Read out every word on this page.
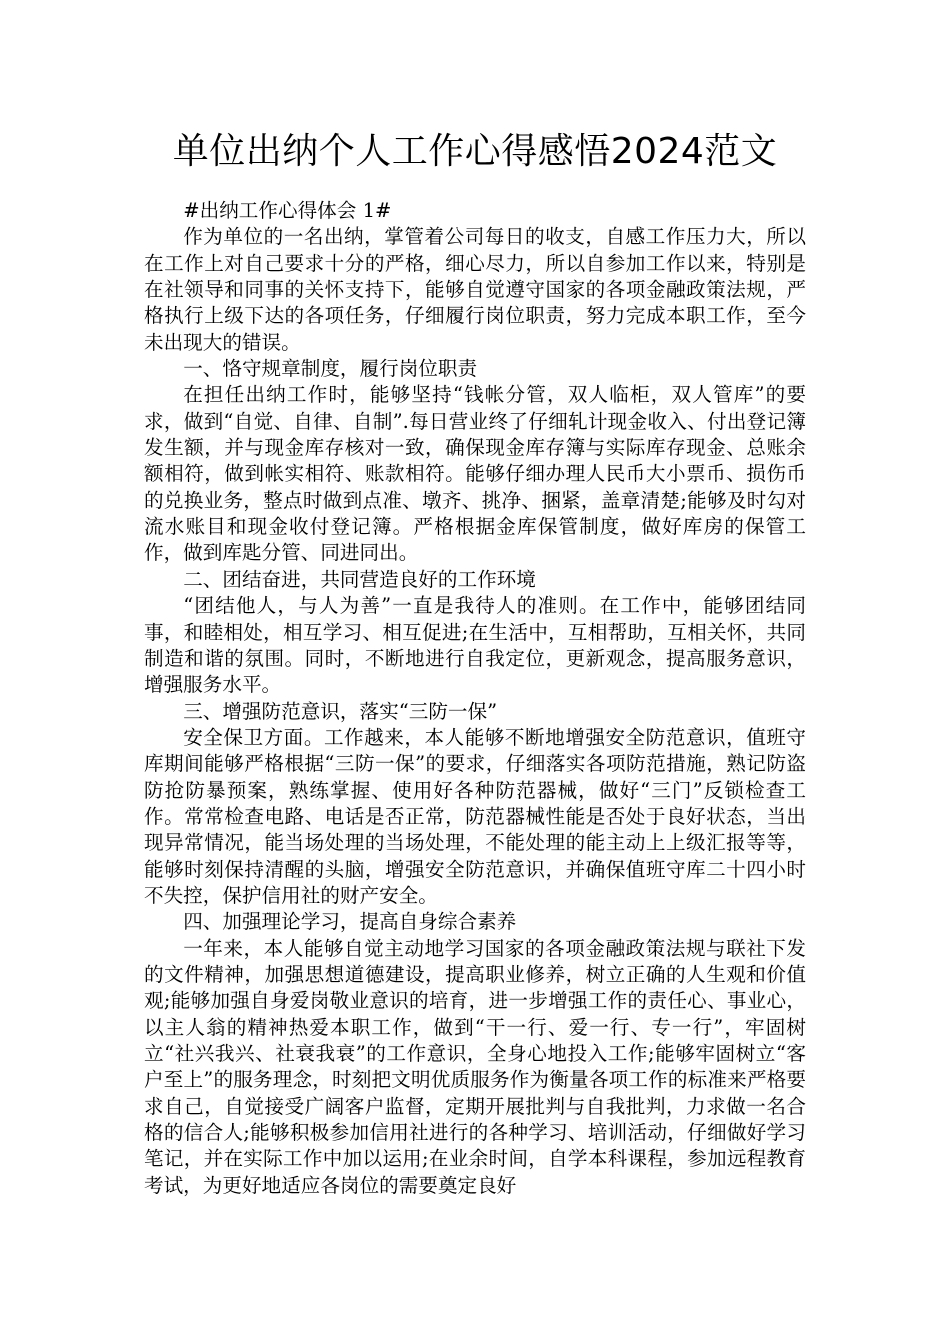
单位出纳个人工作心得感悟2024范文

#出纳工作心得体会 1#

作为单位的一名出纳，掌管着公司每日的收支，自感工作压力大，所以在工作上对自己要求十分的严格，细心尽力，所以自参加工作以来，特别是在社领导和同事的关怀支持下，能够自觉遵守国家的各项金融政策法规，严格执行上级下达的各项任务，仔细履行岗位职责，努力完成本职工作，至今未出现大的错误。

一、恪守规章制度，履行岗位职责

在担任出纳工作时，能够坚持“钱帐分管，双人临柜，双人管库”的要求，做到“自觉、自律、自制”.每日营业终了仔细轧计现金收入、付出登记簿发生额，并与现金库存核对一致，确保现金库存簿与实际库存现金、总账余额相符，做到帐实相符、账款相符。能够仔细办理人民币大小票币、损伤币的兑换业务，整点时做到点准、墩齐、挑净、捆紧，盖章清楚;能够及时勾对流水账目和现金收付登记簿。严格根据金库保管制度，做好库房的保管工作，做到库匙分管、同进同出。

二、团结奋进，共同营造良好的工作环境

“团结他人，与人为善”一直是我待人的准则。在工作中，能够团结同事，和睦相处，相互学习、相互促进;在生活中，互相帮助，互相关怀，共同制造和谐的氛围。同时，不断地进行自我定位，更新观念，提高服务意识，增强服务水平。

三、增强防范意识，落实“三防一保”

安全保卫方面。工作越来，本人能够不断地增强安全防范意识，值班守库期间能够严格根据“三防一保”的要求，仔细落实各项防范措施，熟记防盗防抢防暴预案，熟练掌握、使用好各种防范器械，做好“三门”反锁检查工作。常常检查电路、电话是否正常，防范器械性能是否处于良好状态，当出现异常情况，能当场处理的当场处理，不能处理的能主动上上级汇报等等，能够时刻保持清醒的头脑，增强安全防范意识，并确保值班守库二十四小时不失控，保护信用社的财产安全。

四、加强理论学习，提高自身综合素养

一年来，本人能够自觉主动地学习国家的各项金融政策法规与联社下发的文件精神，加强思想道德建设，提高职业修养，树立正确的人生观和价值观;能够加强自身爱岗敬业意识的培育，进一步增强工作的责任心、事业心，以主人翁的精神热爱本职工作，做到“干一行、爱一行、专一行”，牢固树立“社兴我兴、社衰我衰”的工作意识，全身心地投入工作;能够牢固树立“客户至上”的服务理念，时刻把文明优质服务作为衡量各项工作的标准来严格要求自己，自觉接受广阔客户监督，定期开展批判与自我批判，力求做一名合格的信合人;能够积极参加信用社进行的各种学习、培训活动，仔细做好学习笔记，并在实际工作中加以运用;在业余时间，自学本科课程，参加远程教育考试，为更好地适应各岗位的需要奠定良好
